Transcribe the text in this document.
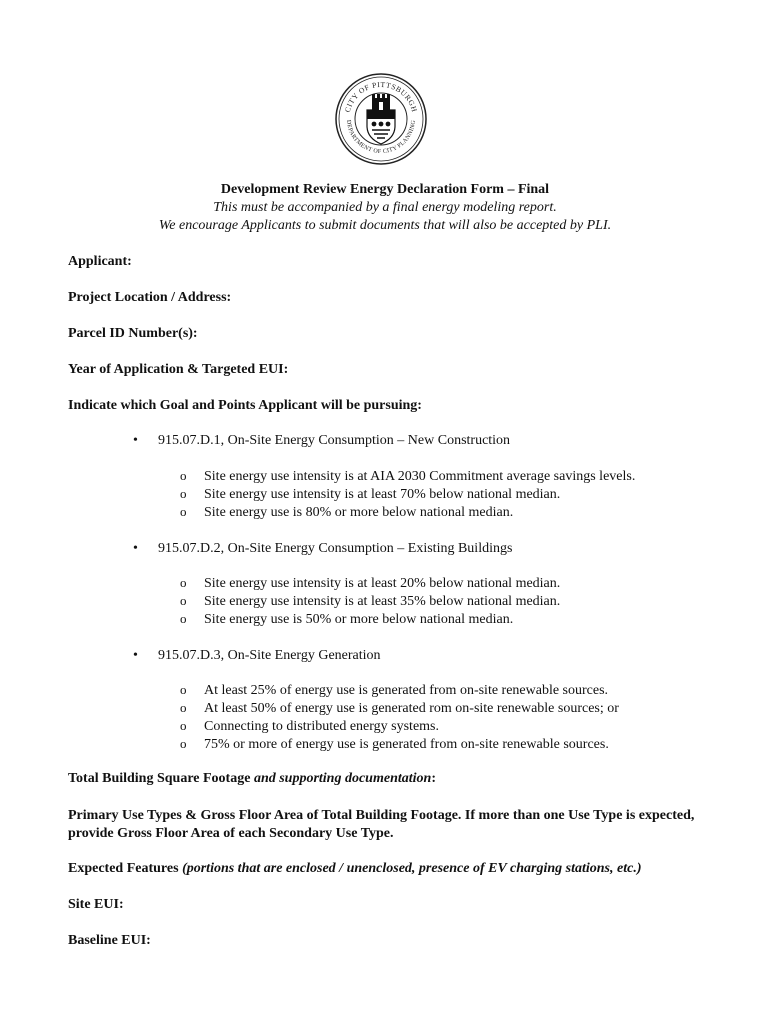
CITY OF PITTSBURGH
DEPARTMENT OF CITY PLANNING
Development Review Energy Declaration Form – Final
This must be accompanied by a final energy modeling report.
We encourage Applicants to submit documents that will also be accepted by PLI.
Applicant:
Project Location / Address:
Parcel ID Number(s):
Year of Application & Targeted EUI:
Indicate which Goal and Points Applicant will be pursuing:
• 915.07.D.1, On-Site Energy Consumption – New Construction
o Site energy use intensity is at AIA 2030 Commitment average savings levels.
o Site energy use intensity is at least 70% below national median.
o Site energy use is 80% or more below national median.
• 915.07.D.2, On-Site Energy Consumption – Existing Buildings
o Site energy use intensity is at least 20% below national median.
o Site energy use intensity is at least 35% below national median.
o Site energy use is 50% or more below national median.
• 915.07.D.3, On-Site Energy Generation
o At least 25% of energy use is generated from on-site renewable sources.
o At least 50% of energy use is generated rom on-site renewable sources; or
o Connecting to distributed energy systems.
o 75% or more of energy use is generated from on-site renewable sources.
Total Building Square Footage and supporting documentation:
Primary Use Types & Gross Floor Area of Total Building Footage. If more than one Use Type is expected, provide Gross Floor Area of each Secondary Use Type.
Expected Features (portions that are enclosed / unenclosed, presence of EV charging stations, etc.)
Site EUI:
Baseline EUI:
